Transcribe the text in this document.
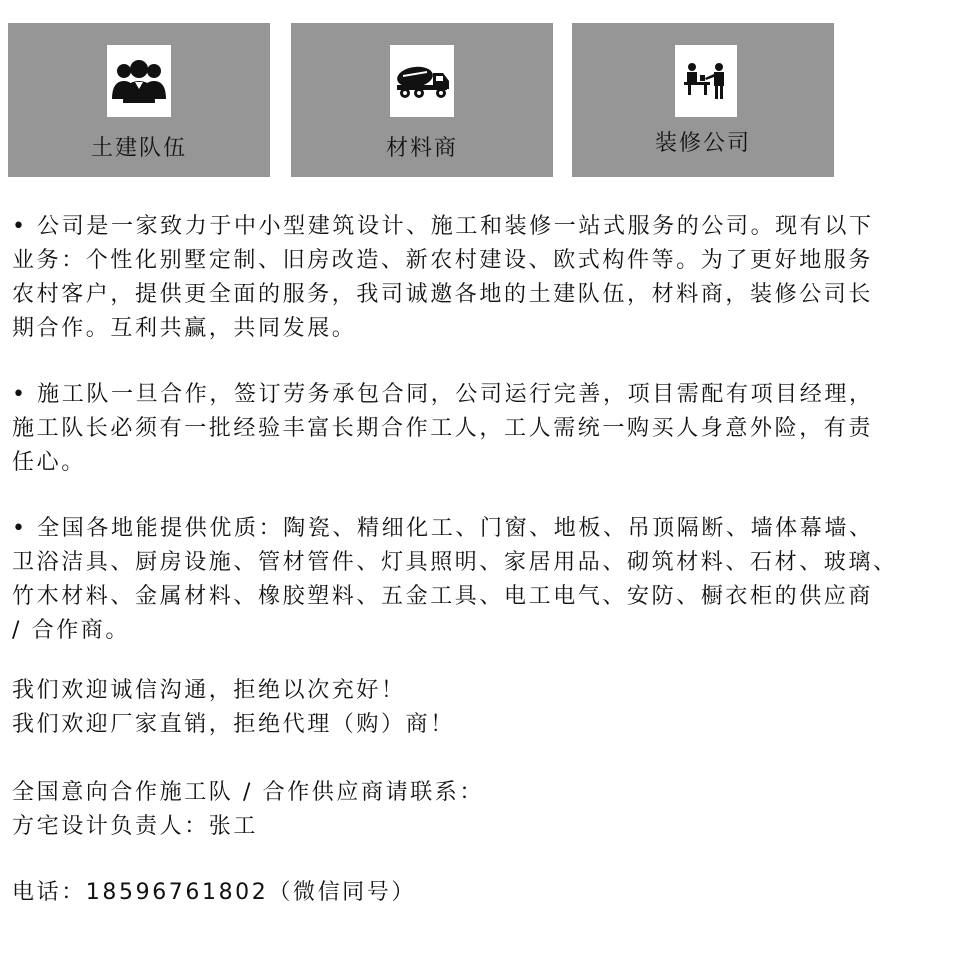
土建队伍	材料商	装修公司
• 公司是一家致力于中小型建筑设计、施工和装修一站式服务的公司。现有以下
业务：个性化别墅定制、旧房改造、新农村建设、欧式构件等。为了更好地服务
农村客户，提供更全面的服务，我司诚邀各地的土建队伍，材料商，装修公司长
期合作。互利共赢，共同发展。
• 施工队一旦合作，签订劳务承包合同，公司运行完善，项目需配有项目经理，
施工队长必须有一批经验丰富长期合作工人，工人需统一购买人身意外险，有责
任心。
• 全国各地能提供优质：陶瓷、精细化工、门窗、地板、吊顶隔断、墙体幕墙、
卫浴洁具、厨房设施、管材管件、灯具照明、家居用品、砌筑材料、石材、玻璃、
竹木材料、金属材料、橡胶塑料、五金工具、电工电气、安防、橱衣柜的供应商
/ 合作商。
我们欢迎诚信沟通，拒绝以次充好！
我们欢迎厂家直销，拒绝代理（购）商！
全国意向合作施工队 / 合作供应商请联系：
方宅设计负责人：张工
电话：18596761802（微信同号）
